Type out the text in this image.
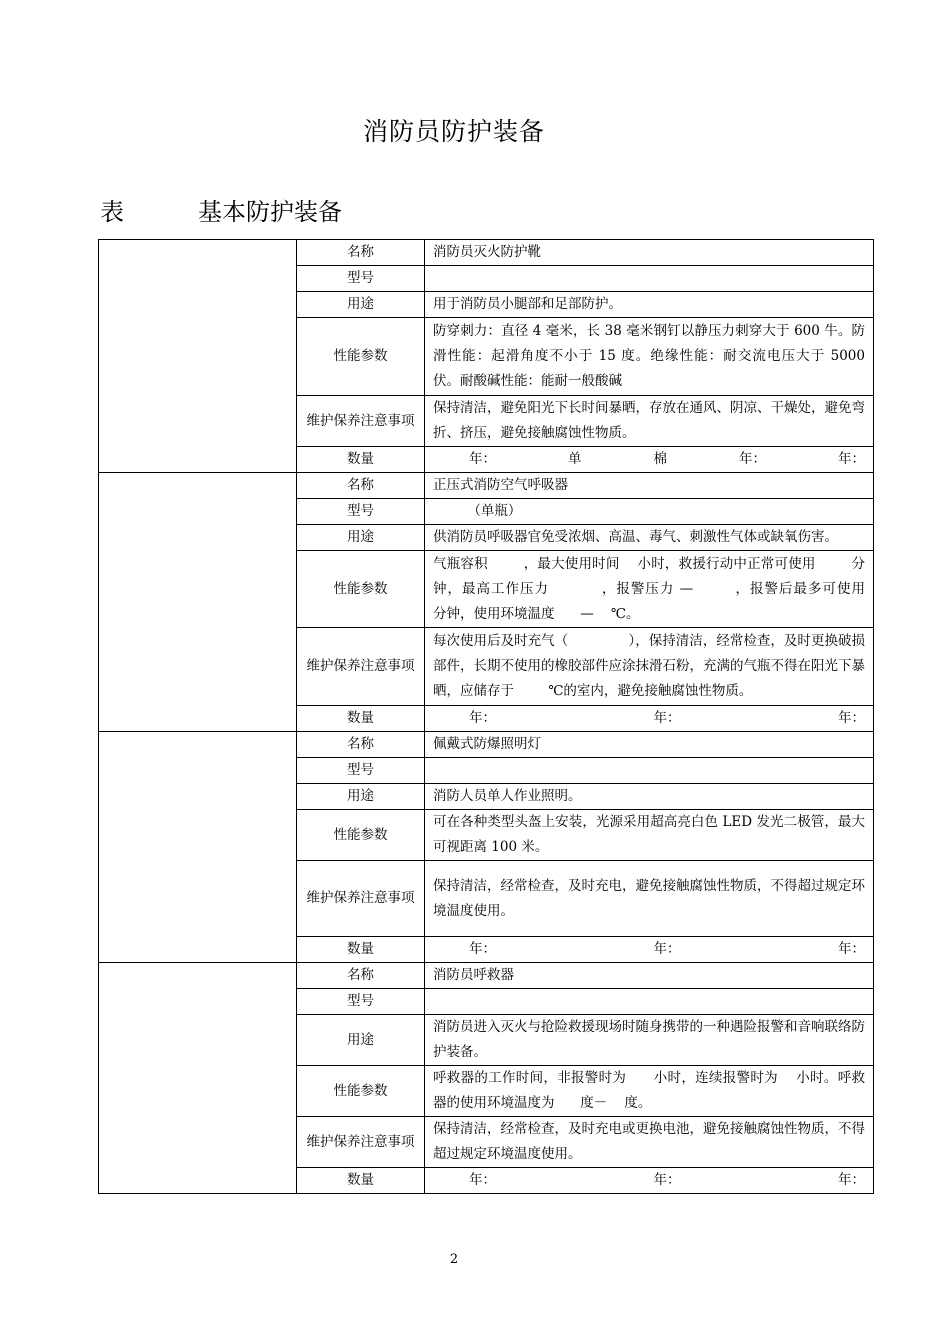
消防员防护装备
表	基本防护装备
	名称	消防员灭火防护靴
	型号	
	用途	用于消防员小腿部和足部防护。
	性能参数	防穿刺力：直径 4 毫米，长 38 毫米钢钉以静压力刺穿大于 600 牛。防滑性能：起滑角度不小于 15 度。绝缘性能：耐交流电压大于 5000 伏。耐酸碱性能：能耐一般酸碱
	维护保养注意事项	保持清洁，避免阳光下长时间暴晒，存放在通风、阴凉、干燥处，避免弯折、挤压，避免接触腐蚀性物质。
	数量	年： 单 棉 年： 年：

	名称	正压式消防空气呼吸器
	型号	（单瓶）
	用途	供消防员呼吸器官免受浓烟、高温、毒气、刺激性气体或缺氧伤害。
	性能参数	气瓶容积        ，最大使用时间    小时，救援行动中正常可使用        分钟，最高工作压力          ，报警压力 —        ，报警后最多可使用        分钟，使用环境温度      —    ℃。
	维护保养注意事项	每次使用后及时充气（              ），保持清洁，经常检查，及时更换破损部件，长期不使用的橡胶部件应涂抹滑石粉，充满的气瓶不得在阳光下暴晒，应储存于        ℃的室内，避免接触腐蚀性物质。
	数量	年： 年： 年：

	名称	佩戴式防爆照明灯
	型号	
	用途	消防人员单人作业照明。
	性能参数	可在各种类型头盔上安装，光源采用超高亮白色 LED 发光二极管，最大可视距离 100 米。
	维护保养注意事项	保持清洁，经常检查，及时充电，避免接触腐蚀性物质，不得超过规定环境温度使用。
	数量	年： 年： 年：

	名称	消防员呼救器
	型号	
	用途	消防员进入灭火与抢险救援现场时随身携带的一种遇险报警和音响联络防护装备。
	性能参数	呼救器的工作时间，非报警时为      小时，连续报警时为    小时。呼救器的使用环境温度为      度－    度。
	维护保养注意事项	保持清洁，经常检查，及时充电或更换电池，避免接触腐蚀性物质，不得超过规定环境温度使用。
	数量	年： 年： 年：
2
